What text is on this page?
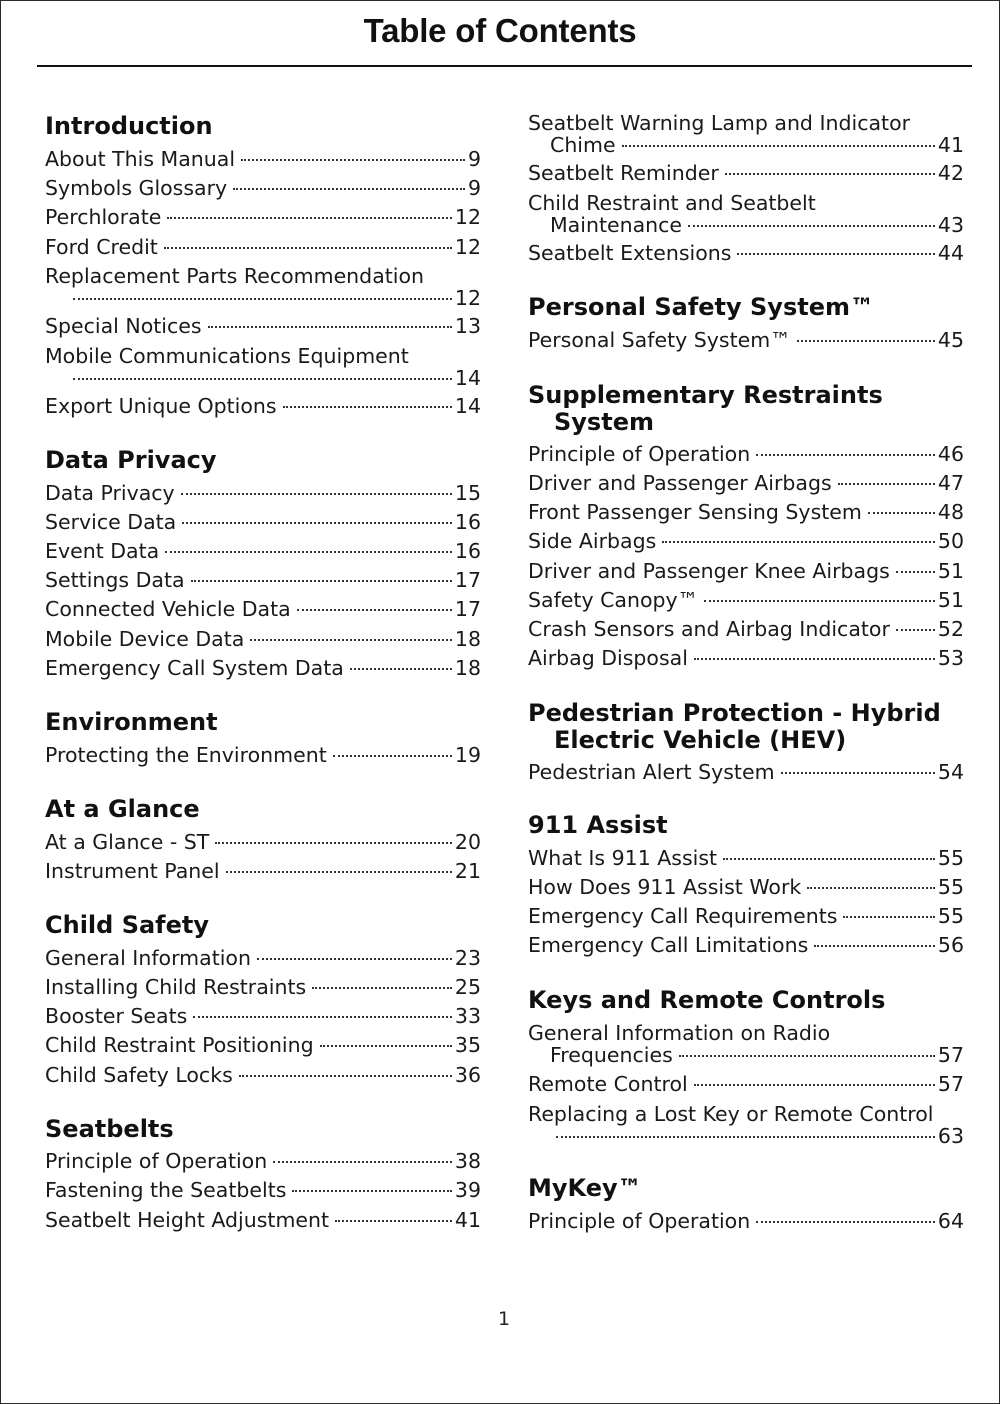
Table of Contents
Introduction
About This Manual	9
Symbols Glossary	9
Perchlorate	12
Ford Credit	12
Replacement Parts Recommendation
12
Special Notices	13
Mobile Communications Equipment
14
Export Unique Options	14
Data Privacy
Data Privacy	15
Service Data	16
Event Data	16
Settings Data	17
Connected Vehicle Data	17
Mobile Device Data	18
Emergency Call System Data	18
Environment
Protecting the Environment	19
At a Glance
At a Glance - ST	20
Instrument Panel	21
Child Safety
General Information	23
Installing Child Restraints	25
Booster Seats	33
Child Restraint Positioning	35
Child Safety Locks	36
Seatbelts
Principle of Operation	38
Fastening the Seatbelts	39
Seatbelt Height Adjustment	41
Seatbelt Warning Lamp and Indicator
Chime	41
Seatbelt Reminder	42
Child Restraint and Seatbelt
Maintenance	43
Seatbelt Extensions	44
Personal Safety System™
Personal Safety System™	45
Supplementary Restraints
System
Principle of Operation	46
Driver and Passenger Airbags	47
Front Passenger Sensing System	48
Side Airbags	50
Driver and Passenger Knee Airbags 51
Safety Canopy™	51
Crash Sensors and Airbag Indicator 52
Airbag Disposal	53
Pedestrian Protection - Hybrid
Electric Vehicle (HEV)
Pedestrian Alert System	54
911 Assist
What Is 911 Assist	55
How Does 911 Assist Work	55
Emergency Call Requirements	55
Emergency Call Limitations	56
Keys and Remote Controls
General Information on Radio
Frequencies	57
Remote Control	57
Replacing a Lost Key or Remote Control
63
MyKey™
Principle of Operation	64
1
